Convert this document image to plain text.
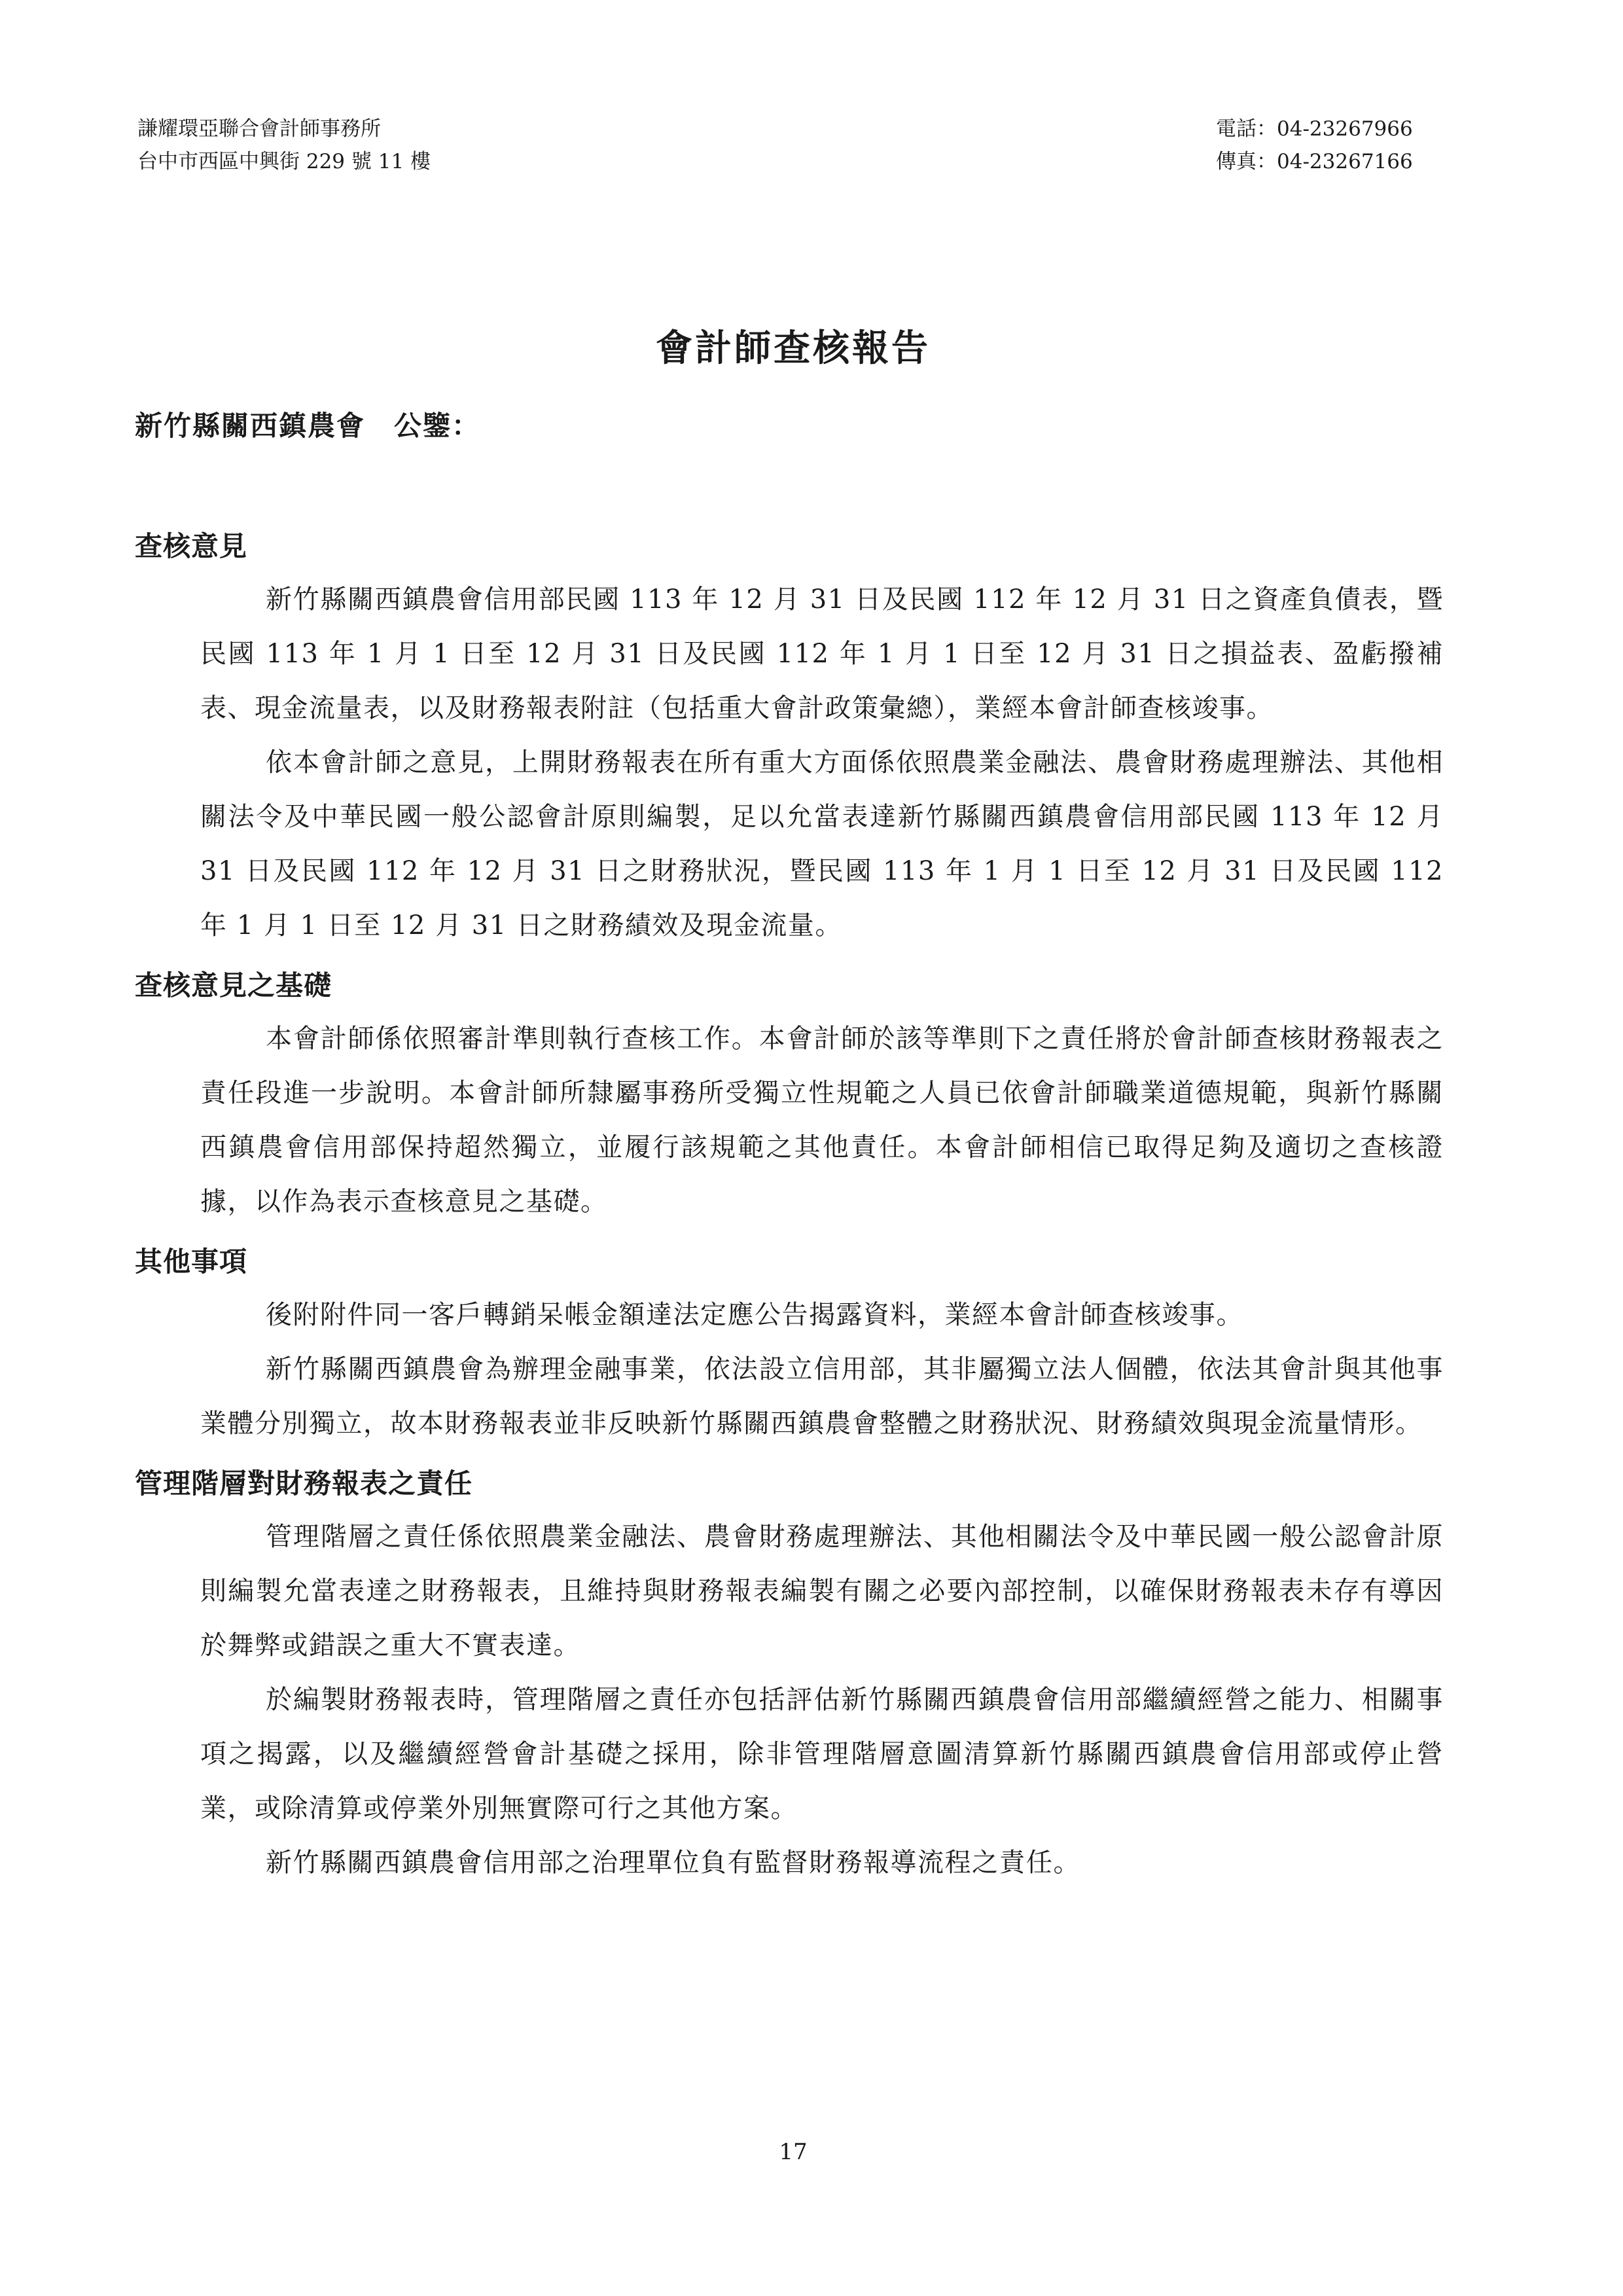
謙耀環亞聯合會計師事務所
台中市西區中興街 229 號 11 樓
電話：04-23267966
傳真：04-23267166
會計師查核報告
新竹縣關西鎮農會　公鑒：
查核意見

新竹縣關西鎮農會信用部民國 113 年 12 月 31 日及民國 112 年 12 月 31 日之資產負債表，暨民國 113 年 1 月 1 日至 12 月 31 日及民國 112 年 1 月 1 日至 12 月 31 日之損益表、盈虧撥補表、現金流量表，以及財務報表附註（包括重大會計政策彙總），業經本會計師查核竣事。

依本會計師之意見，上開財務報表在所有重大方面係依照農業金融法、農會財務處理辦法、其他相關法令及中華民國一般公認會計原則編製，足以允當表達新竹縣關西鎮農會信用部民國 113 年 12 月 31 日及民國 112 年 12 月 31 日之財務狀況，暨民國 113 年 1 月 1 日至 12 月 31 日及民國 112 年 1 月 1 日至 12 月 31 日之財務績效及現金流量。

查核意見之基礎

本會計師係依照審計準則執行查核工作。本會計師於該等準則下之責任將於會計師查核財務報表之責任段進一步說明。本會計師所隸屬事務所受獨立性規範之人員已依會計師職業道德規範，與新竹縣關西鎮農會信用部保持超然獨立，並履行該規範之其他責任。本會計師相信已取得足夠及適切之查核證據，以作為表示查核意見之基礎。

其他事項

後附附件同一客戶轉銷呆帳金額達法定應公告揭露資料，業經本會計師查核竣事。

新竹縣關西鎮農會為辦理金融事業，依法設立信用部，其非屬獨立法人個體，依法其會計與其他事業體分別獨立，故本財務報表並非反映新竹縣關西鎮農會整體之財務狀況、財務績效與現金流量情形。

管理階層對財務報表之責任

管理階層之責任係依照農業金融法、農會財務處理辦法、其他相關法令及中華民國一般公認會計原則編製允當表達之財務報表，且維持與財務報表編製有關之必要內部控制，以確保財務報表未存有導因於舞弊或錯誤之重大不實表達。

於編製財務報表時，管理階層之責任亦包括評估新竹縣關西鎮農會信用部繼續經營之能力、相關事項之揭露，以及繼續經營會計基礎之採用，除非管理階層意圖清算新竹縣關西鎮農會信用部或停止營業，或除清算或停業外別無實際可行之其他方案。

新竹縣關西鎮農會信用部之治理單位負有監督財務報導流程之責任。

17
